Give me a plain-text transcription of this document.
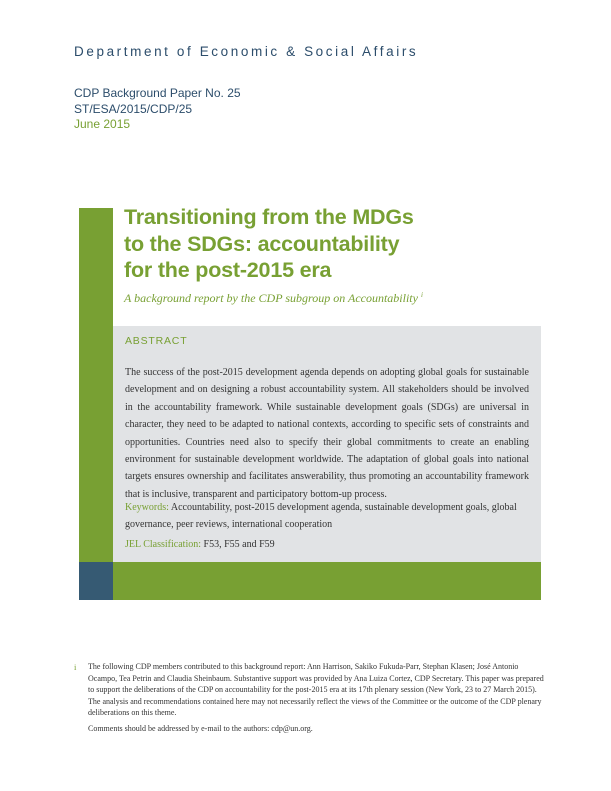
Department of Economic & Social Affairs
CDP Background Paper No. 25
ST/ESA/2015/CDP/25
June 2015
Transitioning from the MDGs
to the SDGs: accountability
for the post-2015 era
A background report by the CDP subgroup on Accountability $^i$
ABSTRACT

The success of the post-2015 development agenda depends on adopting global goals for sustainable development and on designing a robust accountability system. All stakeholders should be involved in the accountability framework. While sustainable development goals (SDGs) are universal in character, they need to be adapted to national contexts, according to specific sets of constraints and opportunities. Countries need also to specify their global commitments to create an enabling environment for sustainable development worldwide. The adaptation of global goals into national targets ensures ownership and facilitates answerability, thus promoting an accountability framework that is inclusive, transparent and participatory bottom-up process.

Keywords: Accountability, post-2015 development agenda, sustainable development goals, global governance, peer reviews, international cooperation

JEL Classification: F53, F55 and F59
i The following CDP members contributed to this background report: Ann Harrison, Sakiko Fukuda-Parr, Stephan Klasen; José Antonio Ocampo, Tea Petrin and Claudia Sheinbaum. Substantive support was provided by Ana Luiza Cortez, CDP Secretary. This paper was prepared to support the deliberations of the CDP on accountability for the post-2015 era at its 17th plenary session (New York, 23 to 27 March 2015). The analysis and recommendations contained here may not necessarily reflect the views of the Committee or the outcome of the CDP plenary deliberations on this theme.

Comments should be addressed by e-mail to the authors: cdp@un.org.
